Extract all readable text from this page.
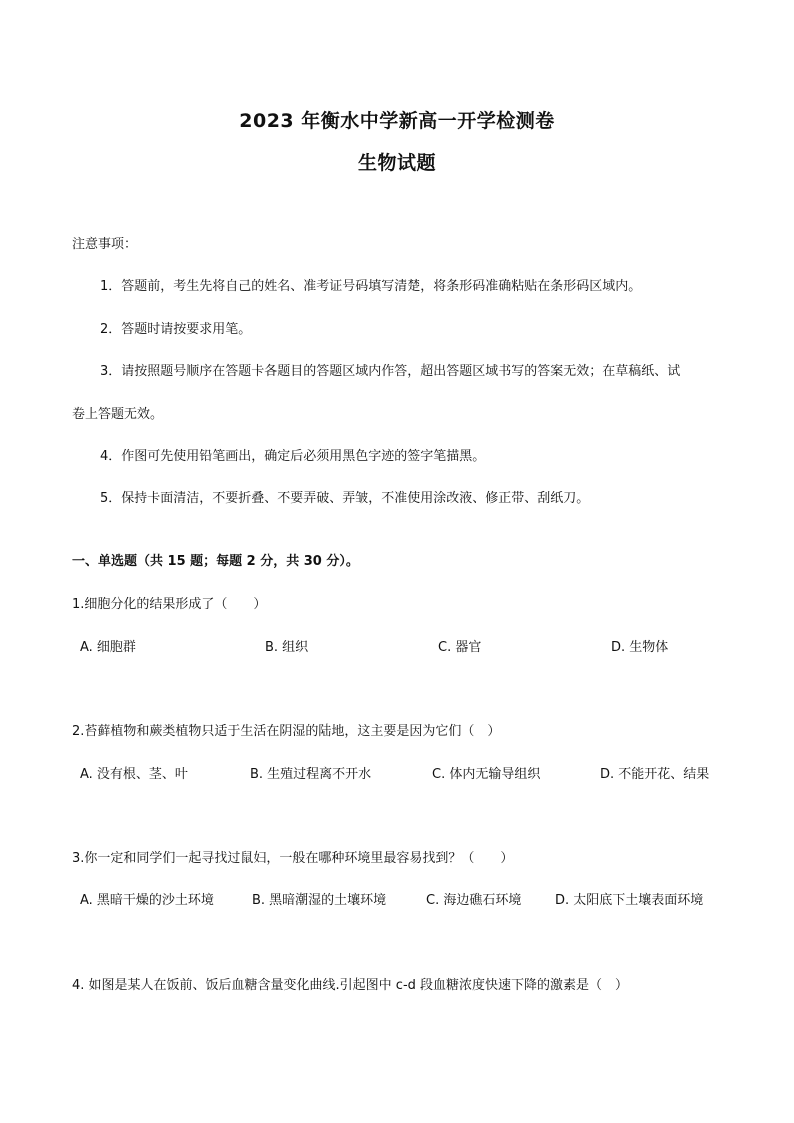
2023 年衡水中学新高一开学检测卷
生物试题
注意事项：
1．答题前，考生先将自己的姓名、准考证号码填写清楚，将条形码准确粘贴在条形码区域内。
2．答题时请按要求用笔。
3．请按照题号顺序在答题卡各题目的答题区域内作答，超出答题区域书写的答案无效；在草稿纸、试
卷上答题无效。
4．作图可先使用铅笔画出，确定后必须用黑色字迹的签字笔描黑。
5．保持卡面清洁，不要折叠、不要弄破、弄皱，不准使用涂改液、修正带、刮纸刀。
一、单选题（共 15 题；每题 2 分，共 30 分）。
1.细胞分化的结果形成了（　　）
A. 细胞群	B. 组织	C. 器官	D. 生物体
2.苔藓植物和蕨类植物只适于生活在阴湿的陆地，这主要是因为它们（　）
A. 没有根、茎、叶	B. 生殖过程离不开水	C. 体内无输导组织	D. 不能开花、结果
3.你一定和同学们一起寻找过鼠妇，一般在哪种环境里最容易找到？（　　）
A. 黑暗干燥的沙土环境	B. 黑暗潮湿的土壤环境	C. 海边礁石环境	D. 太阳底下土壤表面环境
4. 如图是某人在饭前、饭后血糖含量变化曲线.引起图中 c-d 段血糖浓度快速下降的激素是（　）
